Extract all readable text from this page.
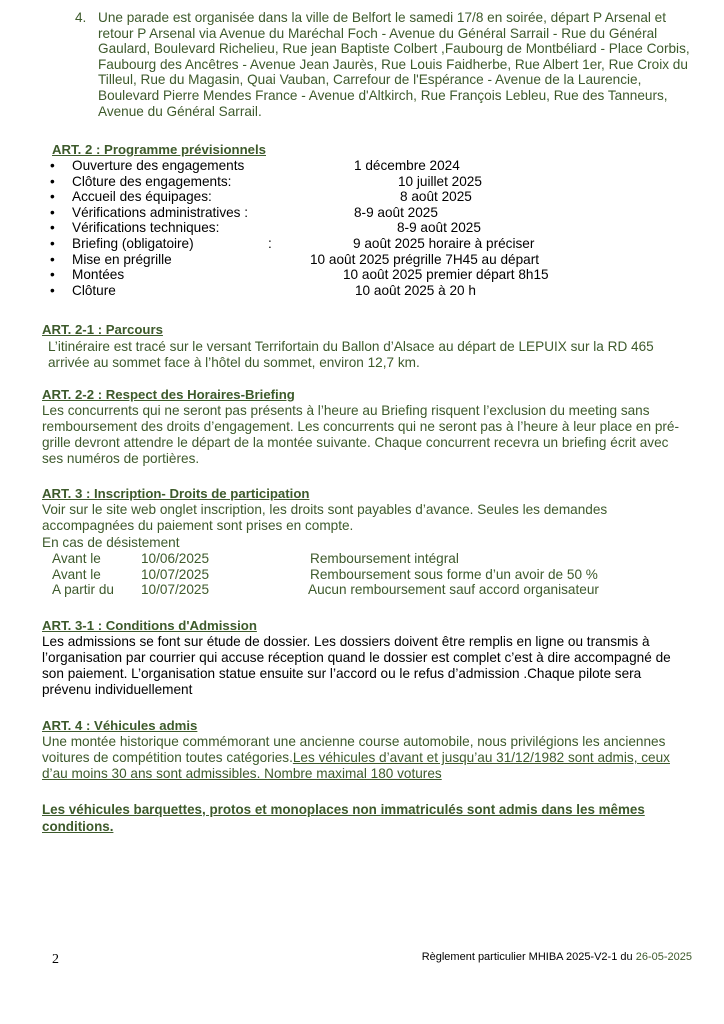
4. Une parade est organisée dans la ville de Belfort le samedi 17/8 en soirée, départ P Arsenal et retour P Arsenal via Avenue du Maréchal Foch - Avenue du Général Sarrail - Rue du Général Gaulard, Boulevard Richelieu, Rue jean Baptiste Colbert ,Faubourg de Montbéliard - Place Corbis, Faubourg des Ancêtres - Avenue Jean Jaurès, Rue Louis Faidherbe, Rue Albert 1er, Rue Croix du Tilleul, Rue du Magasin, Quai Vauban, Carrefour de l'Espérance - Avenue de la Laurencie, Boulevard Pierre Mendes France - Avenue d'Altkirch, Rue François Lebleu, Rue des Tanneurs, Avenue du Général Sarrail.
ART. 2 : Programme prévisionnels
• Ouverture des engagements	1 décembre 2024
• Clôture des engagements:	10 juillet 2025
• Accueil des équipages:	8 août 2025
• Vérifications administratives :	8-9 août 2025
• Vérifications techniques:	8-9 août 2025
• Briefing (obligatoire)	:	9 août 2025 horaire à préciser
• Mise en prégrille	10 août 2025 prégrille 7H45 au départ
• Montées	10 août 2025 premier départ 8h15
• Clôture	10 août 2025 à 20 h
ART. 2-1 : Parcours
L’itinéraire est tracé sur le versant Terrifortain du Ballon d’Alsace au départ de LEPUIX sur la RD 465 arrivée au sommet face à l’hôtel du sommet, environ 12,7 km.
ART. 2-2 : Respect des Horaires-Briefing
Les concurrents qui ne seront pas présents à l’heure au Briefing risquent l’exclusion du meeting sans remboursement des droits d’engagement. Les concurrents qui ne seront pas à l’heure à leur place en pré-grille devront attendre le départ de la montée suivante. Chaque concurrent recevra un briefing écrit avec ses numéros de portières.
ART. 3 : Inscription- Droits de participation
Voir sur le site web onglet inscription, les droits sont payables d’avance. Seules les demandes accompagnées du paiement sont prises en compte.
En cas de désistement
Avant le	10/06/2025	Remboursement intégral
Avant le	10/07/2025	Remboursement sous forme d’un avoir de 50 %
A partir du 10/07/2025	Aucun remboursement sauf accord organisateur
ART. 3-1 : Conditions d'Admission
Les admissions se font sur étude de dossier. Les dossiers doivent être remplis en ligne ou transmis à l’organisation par courrier qui accuse réception quand le dossier est complet c’est à dire accompagné de son paiement. L’organisation statue ensuite sur l’accord ou le refus d’admission .Chaque pilote sera prévenu individuellement
ART. 4 : Véhicules admis
Une montée historique commémorant une ancienne course automobile, nous privilégions les anciennes voitures de compétition toutes catégories.Les véhicules d’avant et jusqu’au 31/12/1982 sont admis, ceux d’au moins 30 ans sont admissibles. Nombre maximal 180 votures
Les véhicules barquettes, protos et monoplaces non immatriculés sont admis dans les mêmes conditions.
2	Règlement particulier MHIBA 2025-V2-1 du 26-05-2025
